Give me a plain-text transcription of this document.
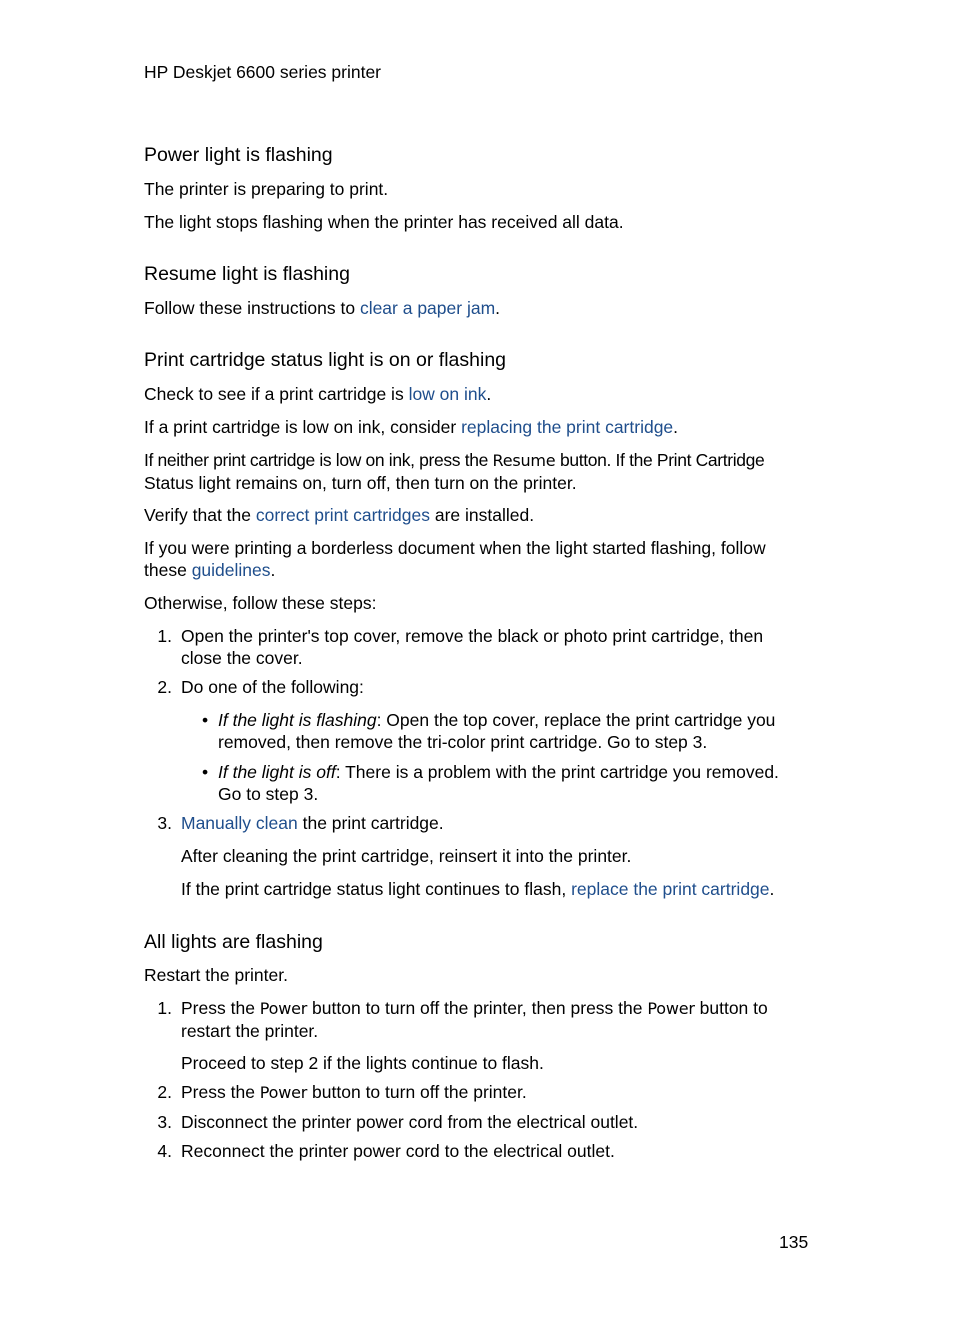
HP Deskjet 6600 series printer
Power light is flashing
The printer is preparing to print.
The light stops flashing when the printer has received all data.
Resume light is flashing
Follow these instructions to clear a paper jam.
Print cartridge status light is on or flashing
Check to see if a print cartridge is low on ink.
If a print cartridge is low on ink, consider replacing the print cartridge.
If neither print cartridge is low on ink, press the Resume button. If the Print Cartridge
Status light remains on, turn off, then turn on the printer.
Verify that the correct print cartridges are installed.
If you were printing a borderless document when the light started flashing, follow
these guidelines.
Otherwise, follow these steps:
1. Open the printer's top cover, remove the black or photo print cartridge, then
close the cover.
2. Do one of the following:
• If the light is flashing: Open the top cover, replace the print cartridge you
removed, then remove the tri-color print cartridge. Go to step 3.
• If the light is off: There is a problem with the print cartridge you removed.
Go to step 3.
3. Manually clean the print cartridge.
After cleaning the print cartridge, reinsert it into the printer.
If the print cartridge status light continues to flash, replace the print cartridge.
All lights are flashing
Restart the printer.
1. Press the Power button to turn off the printer, then press the Power button to
restart the printer.
Proceed to step 2 if the lights continue to flash.
2. Press the Power button to turn off the printer.
3. Disconnect the printer power cord from the electrical outlet.
4. Reconnect the printer power cord to the electrical outlet.
135
